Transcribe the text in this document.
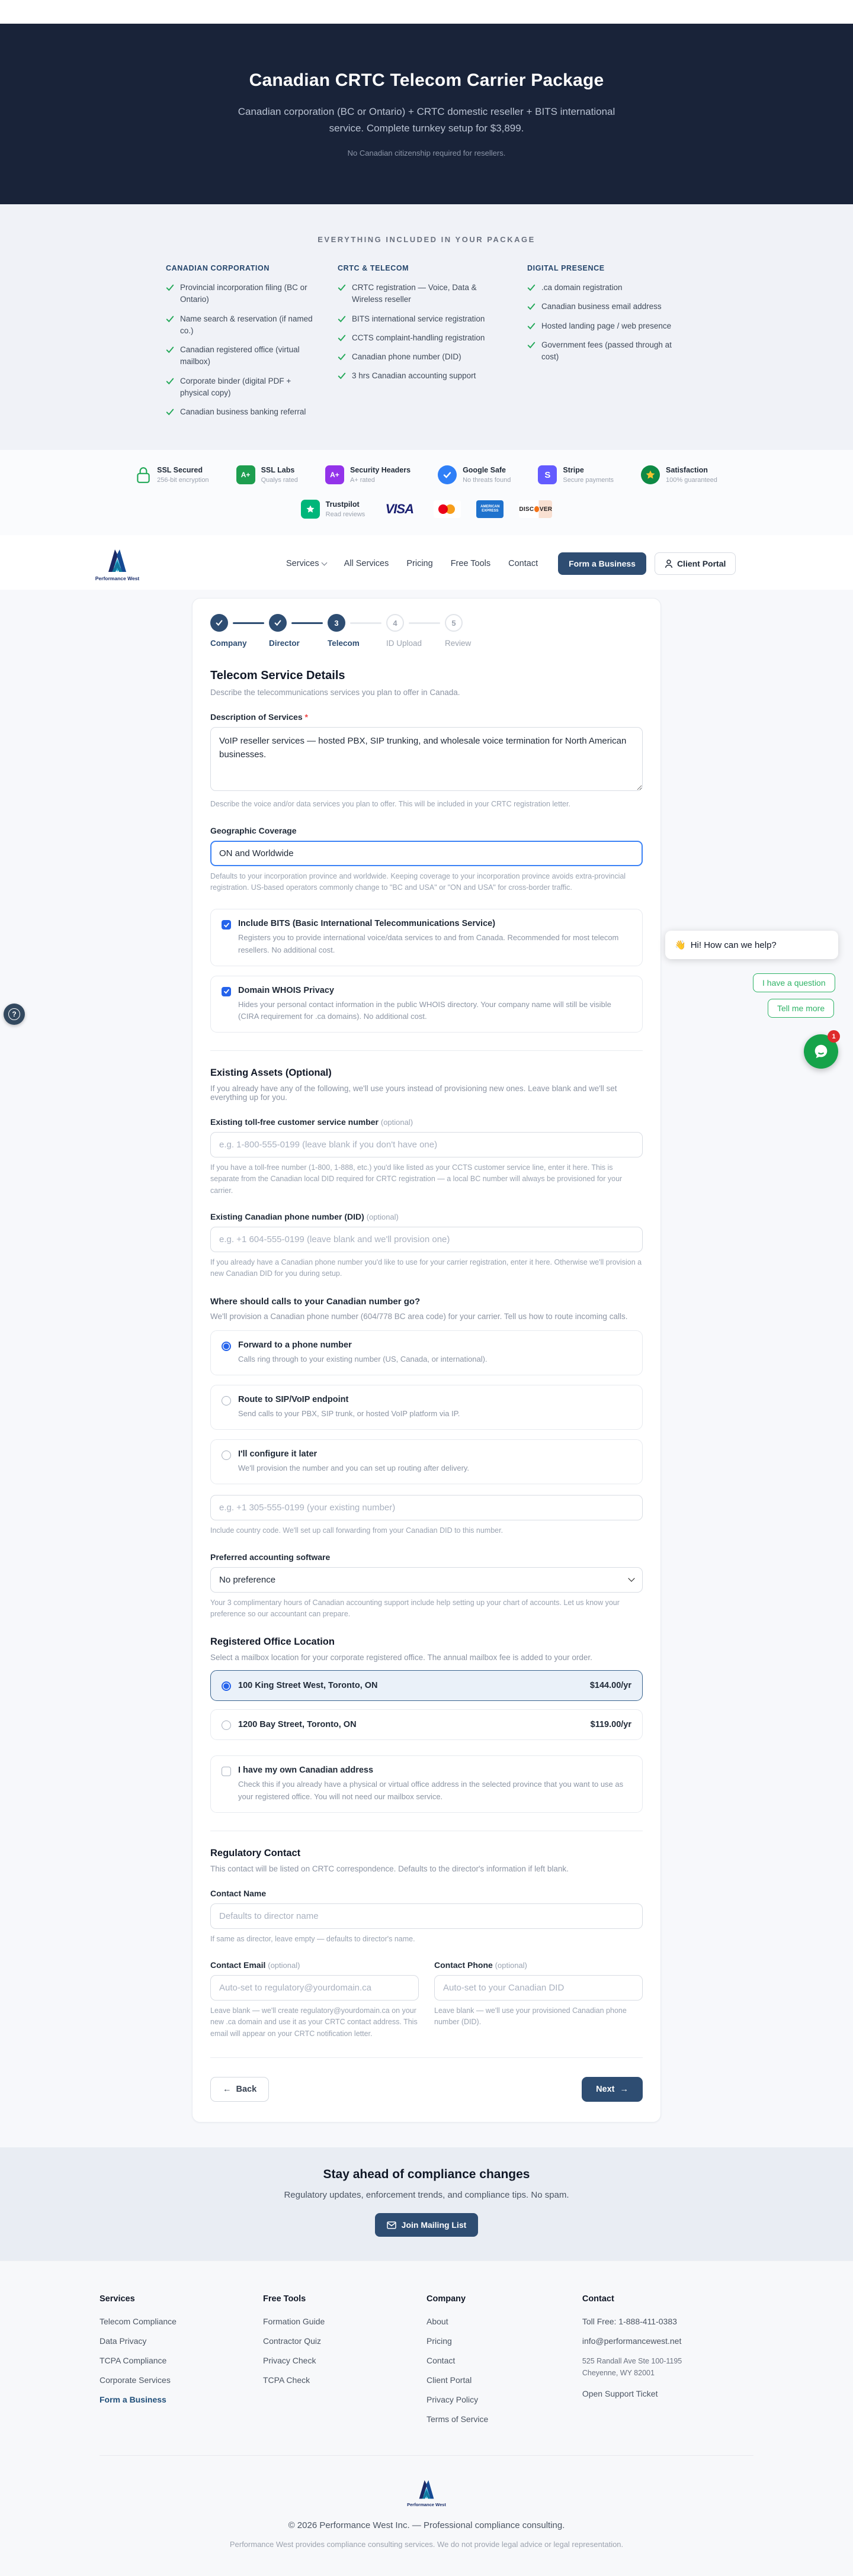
Canadian CRTC Telecom Carrier Package
Canadian corporation (BC or Ontario) + CRTC domestic reseller + BITS international service. Complete turnkey setup for $3,899.
No Canadian citizenship required for resellers.
EVERYTHING INCLUDED IN YOUR PACKAGE
CANADIAN CORPORATION
Provincial incorporation filing (BC or Ontario)
Name search & reservation (if named co.)
Canadian registered office (virtual mailbox)
Corporate binder (digital PDF + physical copy)
Canadian business banking referral
CRTC & TELECOM
CRTC registration — Voice, Data & Wireless reseller
BITS international service registration
CCTS complaint-handling registration
Canadian phone number (DID)
3 hrs Canadian accounting support
DIGITAL PRESENCE
.ca domain registration
Canadian business email address
Hosted landing page / web presence
Government fees (passed through at cost)
SSL Secured
256-bit encryption
A+
SSL Labs
Qualys rated
A+
Security Headers
A+ rated
Google Safe
No threats found
S	Stripe
Secure payments
Satisfaction
100% guaranteed
Trustpilot
Read reviews	VISA	AMERICAN EXPRESS	DISC VER
Performance West
Services	All Services Pricing Free Tools Contact	Form a Business	Client Portal
Company	Director
3
Telecom
4
ID Upload
5
Review
Telecom Service Details
Describe the telecommunications services you plan to offer in Canada.
Description of Services *
VoIP reseller services — hosted PBX, SIP trunking, and wholesale voice termination for North American businesses.
Describe the voice and/or data services you plan to offer. This will be included in your CRTC registration letter.
Geographic Coverage
ON and Worldwide
Defaults to your incorporation province and worldwide. Keeping coverage to your incorporation province avoids extra-provincial registration. US-based operators commonly change to "BC and USA" or "ON and USA" for cross-border traffic.
Include BITS (Basic International Telecommunications Service)
Registers you to provide international voice/data services to and from Canada. Recommended for most telecom resellers. No additional cost.
Domain WHOIS Privacy
Hides your personal contact information in the public WHOIS directory. Your company name will still be visible (CIRA requirement for .ca domains). No additional cost.
Existing Assets (Optional)
If you already have any of the following, we'll use yours instead of provisioning new ones. Leave blank and we'll set everything up for you.
Existing toll-free customer service number (optional)
e.g. 1-800-555-0199 (leave blank if you don't have one)
If you have a toll-free number (1-800, 1-888, etc.) you'd like listed as your CCTS customer service line, enter it here. This is separate from the Canadian local DID required for CRTC registration — a local BC number will always be provisioned for your carrier.
Existing Canadian phone number (DID) (optional)
e.g. +1 604-555-0199 (leave blank and we'll provision one)
If you already have a Canadian phone number you'd like to use for your carrier registration, enter it here. Otherwise we'll provision a new Canadian DID for you during setup.
Where should calls to your Canadian number go?
We'll provision a Canadian phone number (604/778 BC area code) for your carrier. Tell us how to route incoming calls.
Forward to a phone number
Calls ring through to your existing number (US, Canada, or international).
Route to SIP/VoIP endpoint
Send calls to your PBX, SIP trunk, or hosted VoIP platform via IP.
I'll configure it later
We'll provision the number and you can set up routing after delivery.
e.g. +1 305-555-0199 (your existing number)
Include country code. We'll set up call forwarding from your Canadian DID to this number.
Preferred accounting software
No preference
Your 3 complimentary hours of Canadian accounting support include help setting up your chart of accounts. Let us know your preference so our accountant can prepare.
Registered Office Location
Select a mailbox location for your corporate registered office. The annual mailbox fee is added to your order.
100 King Street West, Toronto, ON	$144.00/yr
1200 Bay Street, Toronto, ON	$119.00/yr
I have my own Canadian address
Check this if you already have a physical or virtual office address in the selected province that you want to use as your registered office. You will not need our mailbox service.
Regulatory Contact
This contact will be listed on CRTC correspondence. Defaults to the director's information if left blank.
Contact Name
Defaults to director name
If same as director, leave empty — defaults to director's name.
Contact Email (optional)
Auto-set to regulatory@yourdomain.ca
Leave blank — we'll create regulatory@yourdomain.ca on your new .ca domain and use it as your CRTC contact address. This email will appear on your CRTC notification letter.
Contact Phone (optional)
Auto-set to your Canadian DID
Leave blank — we'll use your provisioned Canadian phone number (DID).
← Back	Next →
Stay ahead of compliance changes
Regulatory updates, enforcement trends, and compliance tips. No spam.
Join Mailing List
Services
Telecom Compliance
Data Privacy
TCPA Compliance
Corporate Services
Form a Business
Free Tools
Formation Guide
Contractor Quiz
Privacy Check
TCPA Check
Company
About
Pricing
Contact
Client Portal
Privacy Policy
Terms of Service
Contact
Toll Free: 1-888-411-0383
info@performancewest.net
525 Randall Ave Ste 100-1195
Cheyenne, WY 82001
Open Support Ticket
Performance West
© 2026 Performance West Inc. — Professional compliance consulting.
Performance West provides compliance consulting services. We do not provide legal advice or legal representation.
?
👋 Hi! How can we help?
I have a question
Tell me more
1
